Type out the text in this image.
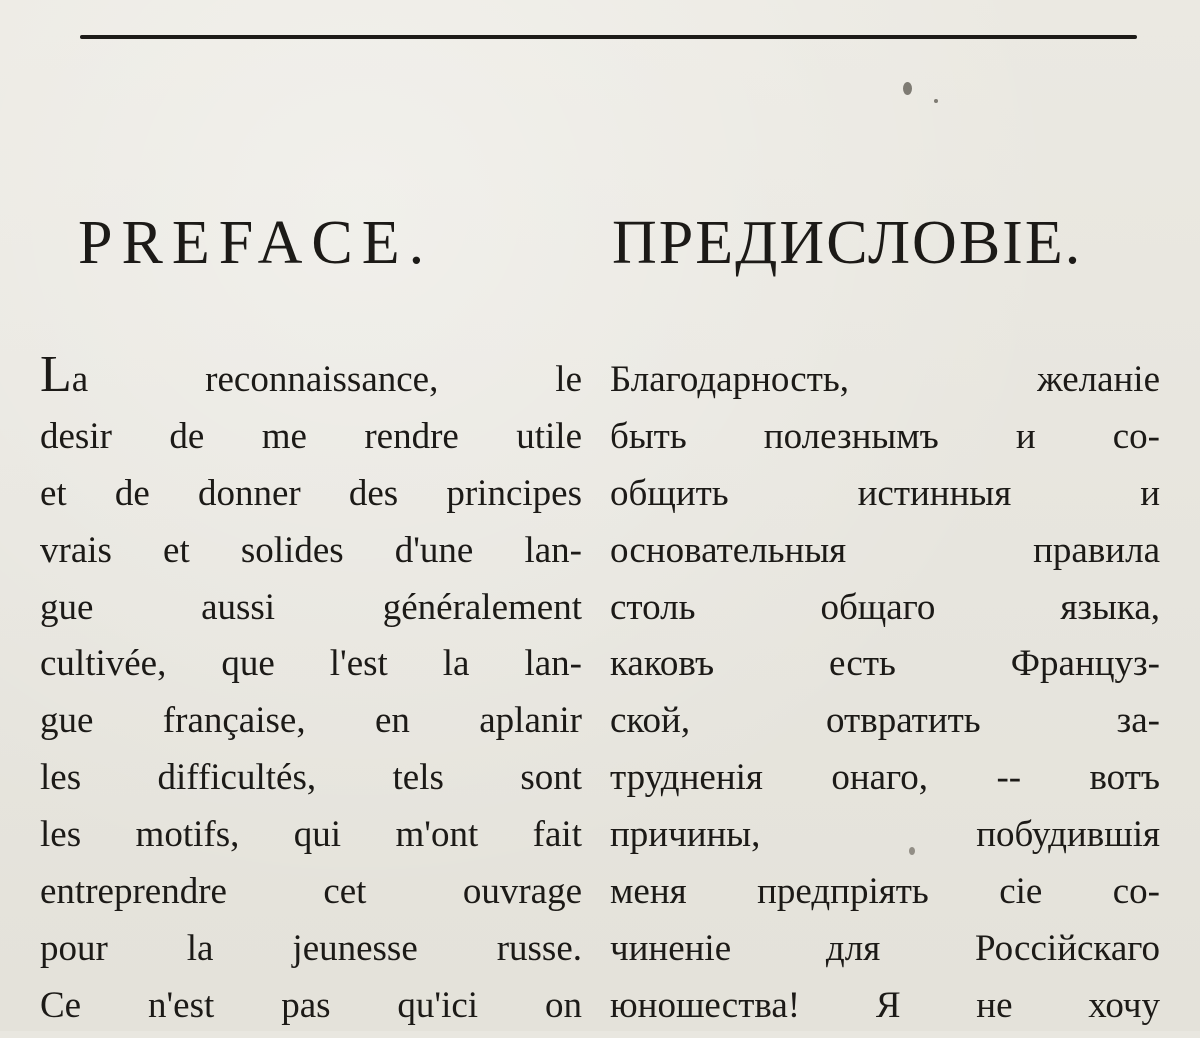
PREFACE.	ПРЕДИСЛОВІЕ.
La reconnaissance, le
desir de me rendre utile
et de donner des principes
vrais et solides d'une lan-
gue aussi généralement
cultivée, que l'est la lan-
gue française, en aplanir
les difficultés, tels sont
les motifs, qui m'ont fait
entreprendre cet ouvrage
pour la jeunesse russe.
Ce n'est pas qu'ici on
Благодарность, желаніе
быть полезнымъ и со-
общить истинныя и
основательныя правила
столь общаго языка,
каковъ есть Француз-
ской, отвратить за-
трудненія онаго, -- вотъ
причины, побудившія
меня предпріять сіе со-
чиненіе для Россійскаго
юношества! Я не хочу
